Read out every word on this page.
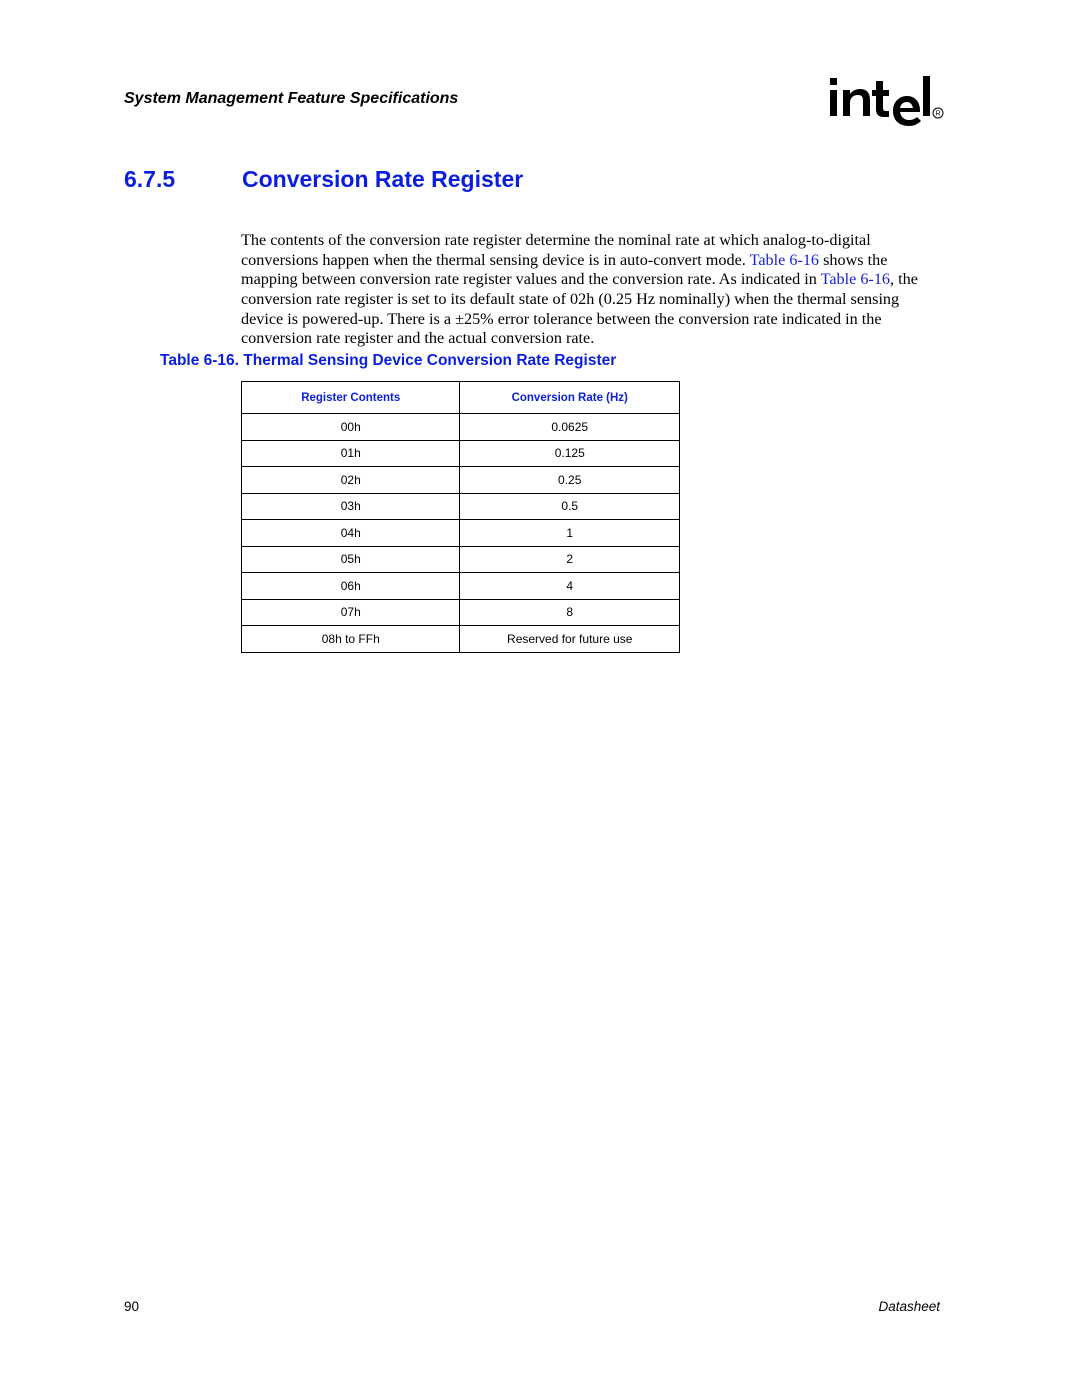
System Management Feature Specifications
R
6.7.5	Conversion Rate Register

The contents of the conversion rate register determine the nominal rate at which analog-to-digital conversions happen when the thermal sensing device is in auto-convert mode. Table 6-16 shows the mapping between conversion rate register values and the conversion rate. As indicated in Table 6-16, the conversion rate register is set to its default state of 02h (0.25 Hz nominally) when the thermal sensing device is powered-up. There is a ±25% error tolerance between the conversion rate indicated in the conversion rate register and the actual conversion rate.

Table 6-16. Thermal Sensing Device Conversion Rate Register
Register Contents	Conversion Rate (Hz)
00h	0.0625
01h	0.125
02h	0.25
03h	0.5
04h	1
05h	2
06h	4
07h	8
08h to FFh	Reserved for future use
90	Datasheet
